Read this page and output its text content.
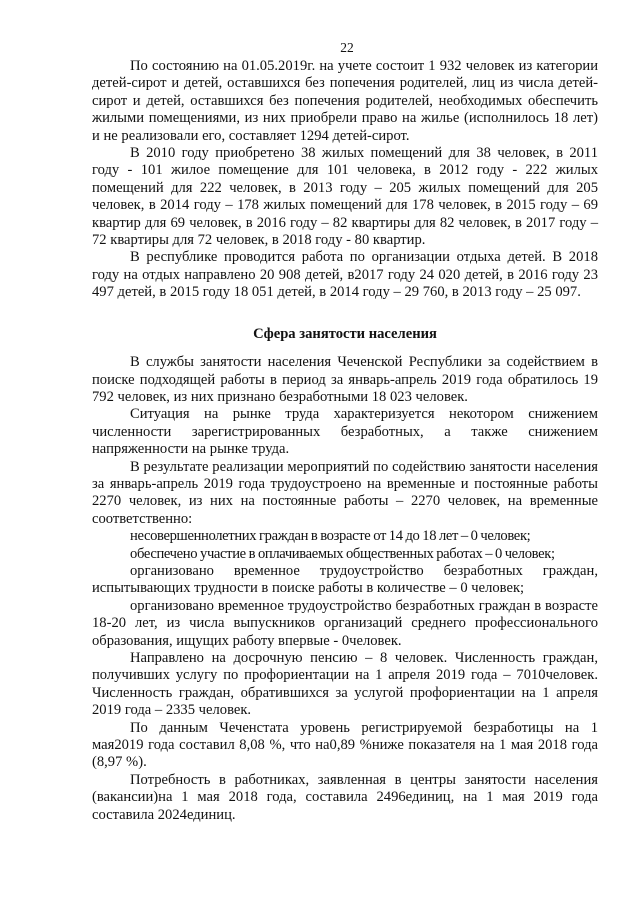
22

По состоянию на 01.05.2019г. на учете состоит 1 932 человек из категории детей-сирот и детей, оставшихся без попечения родителей, лиц из числа детей-сирот и детей, оставшихся без попечения родителей, необходимых обеспечить жилыми помещениями, из них приобрели право на жилье (исполнилось 18 лет) и не реализовали его, составляет 1294 детей-сирот.

В 2010 году приобретено 38 жилых помещений для 38 человек, в 2011 году - 101 жилое помещение для 101 человека, в 2012 году - 222 жилых помещений для 222 человек, в 2013 году – 205 жилых помещений для 205 человек, в 2014 году – 178 жилых помещений для 178 человек, в 2015 году – 69 квартир для 69 человек, в 2016 году – 82 квартиры для 82 человек, в 2017 году – 72 квартиры для 72 человек, в 2018 году - 80 квартир.

В республике проводится работа по организации отдыха детей. В 2018 году на отдых направлено 20 908 детей, в2017 году 24 020 детей, в 2016 году 23 497 детей, в 2015 году 18 051 детей, в 2014 году – 29 760, в 2013 году – 25 097.

Сфера занятости населения

В службы занятости населения Чеченской Республики за содействием в поиске подходящей работы в период за январь-апрель 2019 года обратилось 19 792 человек, из них признано безработными 18 023 человек.

Ситуация на рынке труда характеризуется некотором снижением численности зарегистрированных безработных, а также снижением напряженности на рынке труда.

В результате реализации мероприятий по содействию занятости населения за январь-апрель 2019 года трудоустроено на временные и постоянные работы 2270 человек, из них на постоянные работы – 2270 человек, на временные соответственно:

несовершеннолетних граждан в возрасте от 14 до 18 лет – 0 человек;

обеспечено участие в оплачиваемых общественных работах – 0 человек;

организовано временное трудоустройство безработных граждан, испытывающих трудности в поиске работы в количестве – 0 человек;

организовано временное трудоустройство безработных граждан в возрасте 18-20 лет, из числа выпускников организаций среднего профессионального образования, ищущих работу впервые - 0человек.

Направлено на досрочную пенсию – 8 человек. Численность граждан, получивших услугу по профориентации на 1 апреля 2019 года – 7010человек. Численность граждан, обратившихся за услугой профориентации на 1 апреля 2019 года – 2335 человек.

По данным Чеченстата уровень регистрируемой безработицы на 1 мая2019 года составил 8,08 %, что на0,89 %ниже показателя на 1 мая 2018 года (8,97 %).

Потребность в работниках, заявленная в центры занятости населения (вакансии)на 1 мая 2018 года, составила 2496единиц, на 1 мая 2019 года составила 2024единиц.
